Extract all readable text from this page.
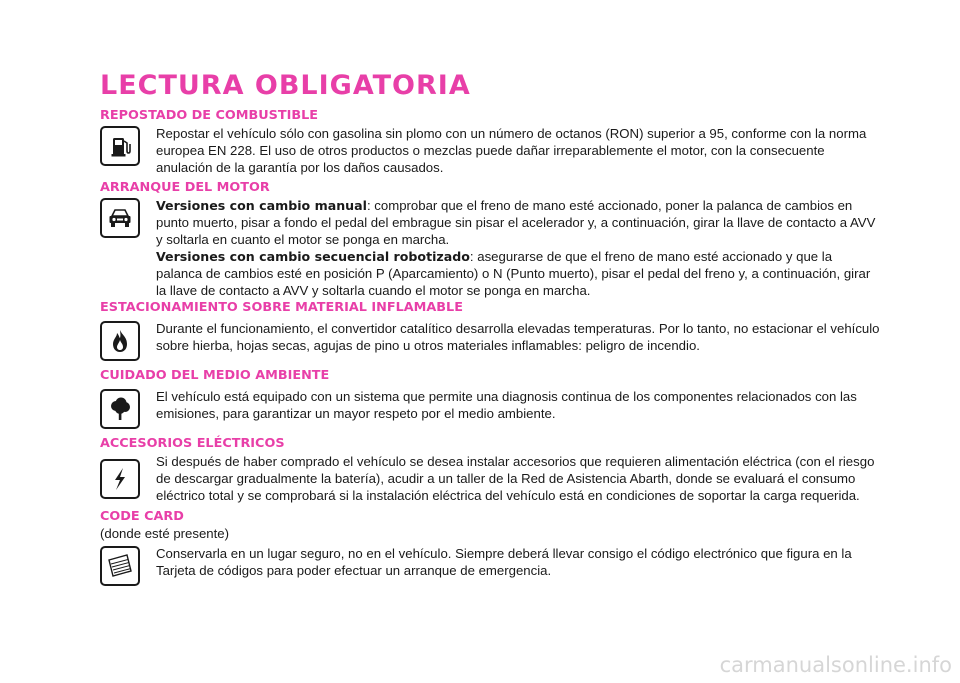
LECTURA OBLIGATORIA
REPOSTADO DE COMBUSTIBLE

Repostar el vehículo sólo con gasolina sin plomo con un número de octanos (RON) superior a 95, conforme con la norma europea EN 228. El uso de otros productos o mezclas puede dañar irreparablemente el motor, con la consecuente anulación de la garantía por los daños causados.

ARRANQUE DEL MOTOR

Versiones con cambio manual: comprobar que el freno de mano esté accionado, poner la palanca de cambios en punto muerto, pisar a fondo el pedal del embrague sin pisar el acelerador y, a continuación, girar la llave de contacto a AVV y soltarla en cuanto el motor se ponga en marcha.

Versiones con cambio secuencial robotizado: asegurarse de que el freno de mano esté accionado y que la palanca de cambios esté en posición P (Aparcamiento) o N (Punto muerto), pisar el pedal del freno y, a continuación, girar la llave de contacto a AVV y soltarla cuando el motor se ponga en marcha.

ESTACIONAMIENTO SOBRE MATERIAL INFLAMABLE

Durante el funcionamiento, el convertidor catalítico desarrolla elevadas temperaturas. Por lo tanto, no estacionar el vehículo sobre hierba, hojas secas, agujas de pino u otros materiales inflamables: peligro de incendio.

CUIDADO DEL MEDIO AMBIENTE

El vehículo está equipado con un sistema que permite una diagnosis continua de los componentes relacionados con las emisiones, para garantizar un mayor respeto por el medio ambiente.

ACCESORIOS ELÉCTRICOS

Si después de haber comprado el vehículo se desea instalar accesorios que requieren alimentación eléctrica (con el riesgo de descargar gradualmente la batería), acudir a un taller de la Red de Asistencia Abarth, donde se evaluará el consumo eléctrico total y se comprobará si la instalación eléctrica del vehículo está en condiciones de soportar la carga requerida.

CODE CARD

(donde esté presente)

Conservarla en un lugar seguro, no en el vehículo. Siempre deberá llevar consigo el código electrónico que figura en la Tarjeta de códigos para poder efectuar un arranque de emergencia.

carmanualsonline.info
